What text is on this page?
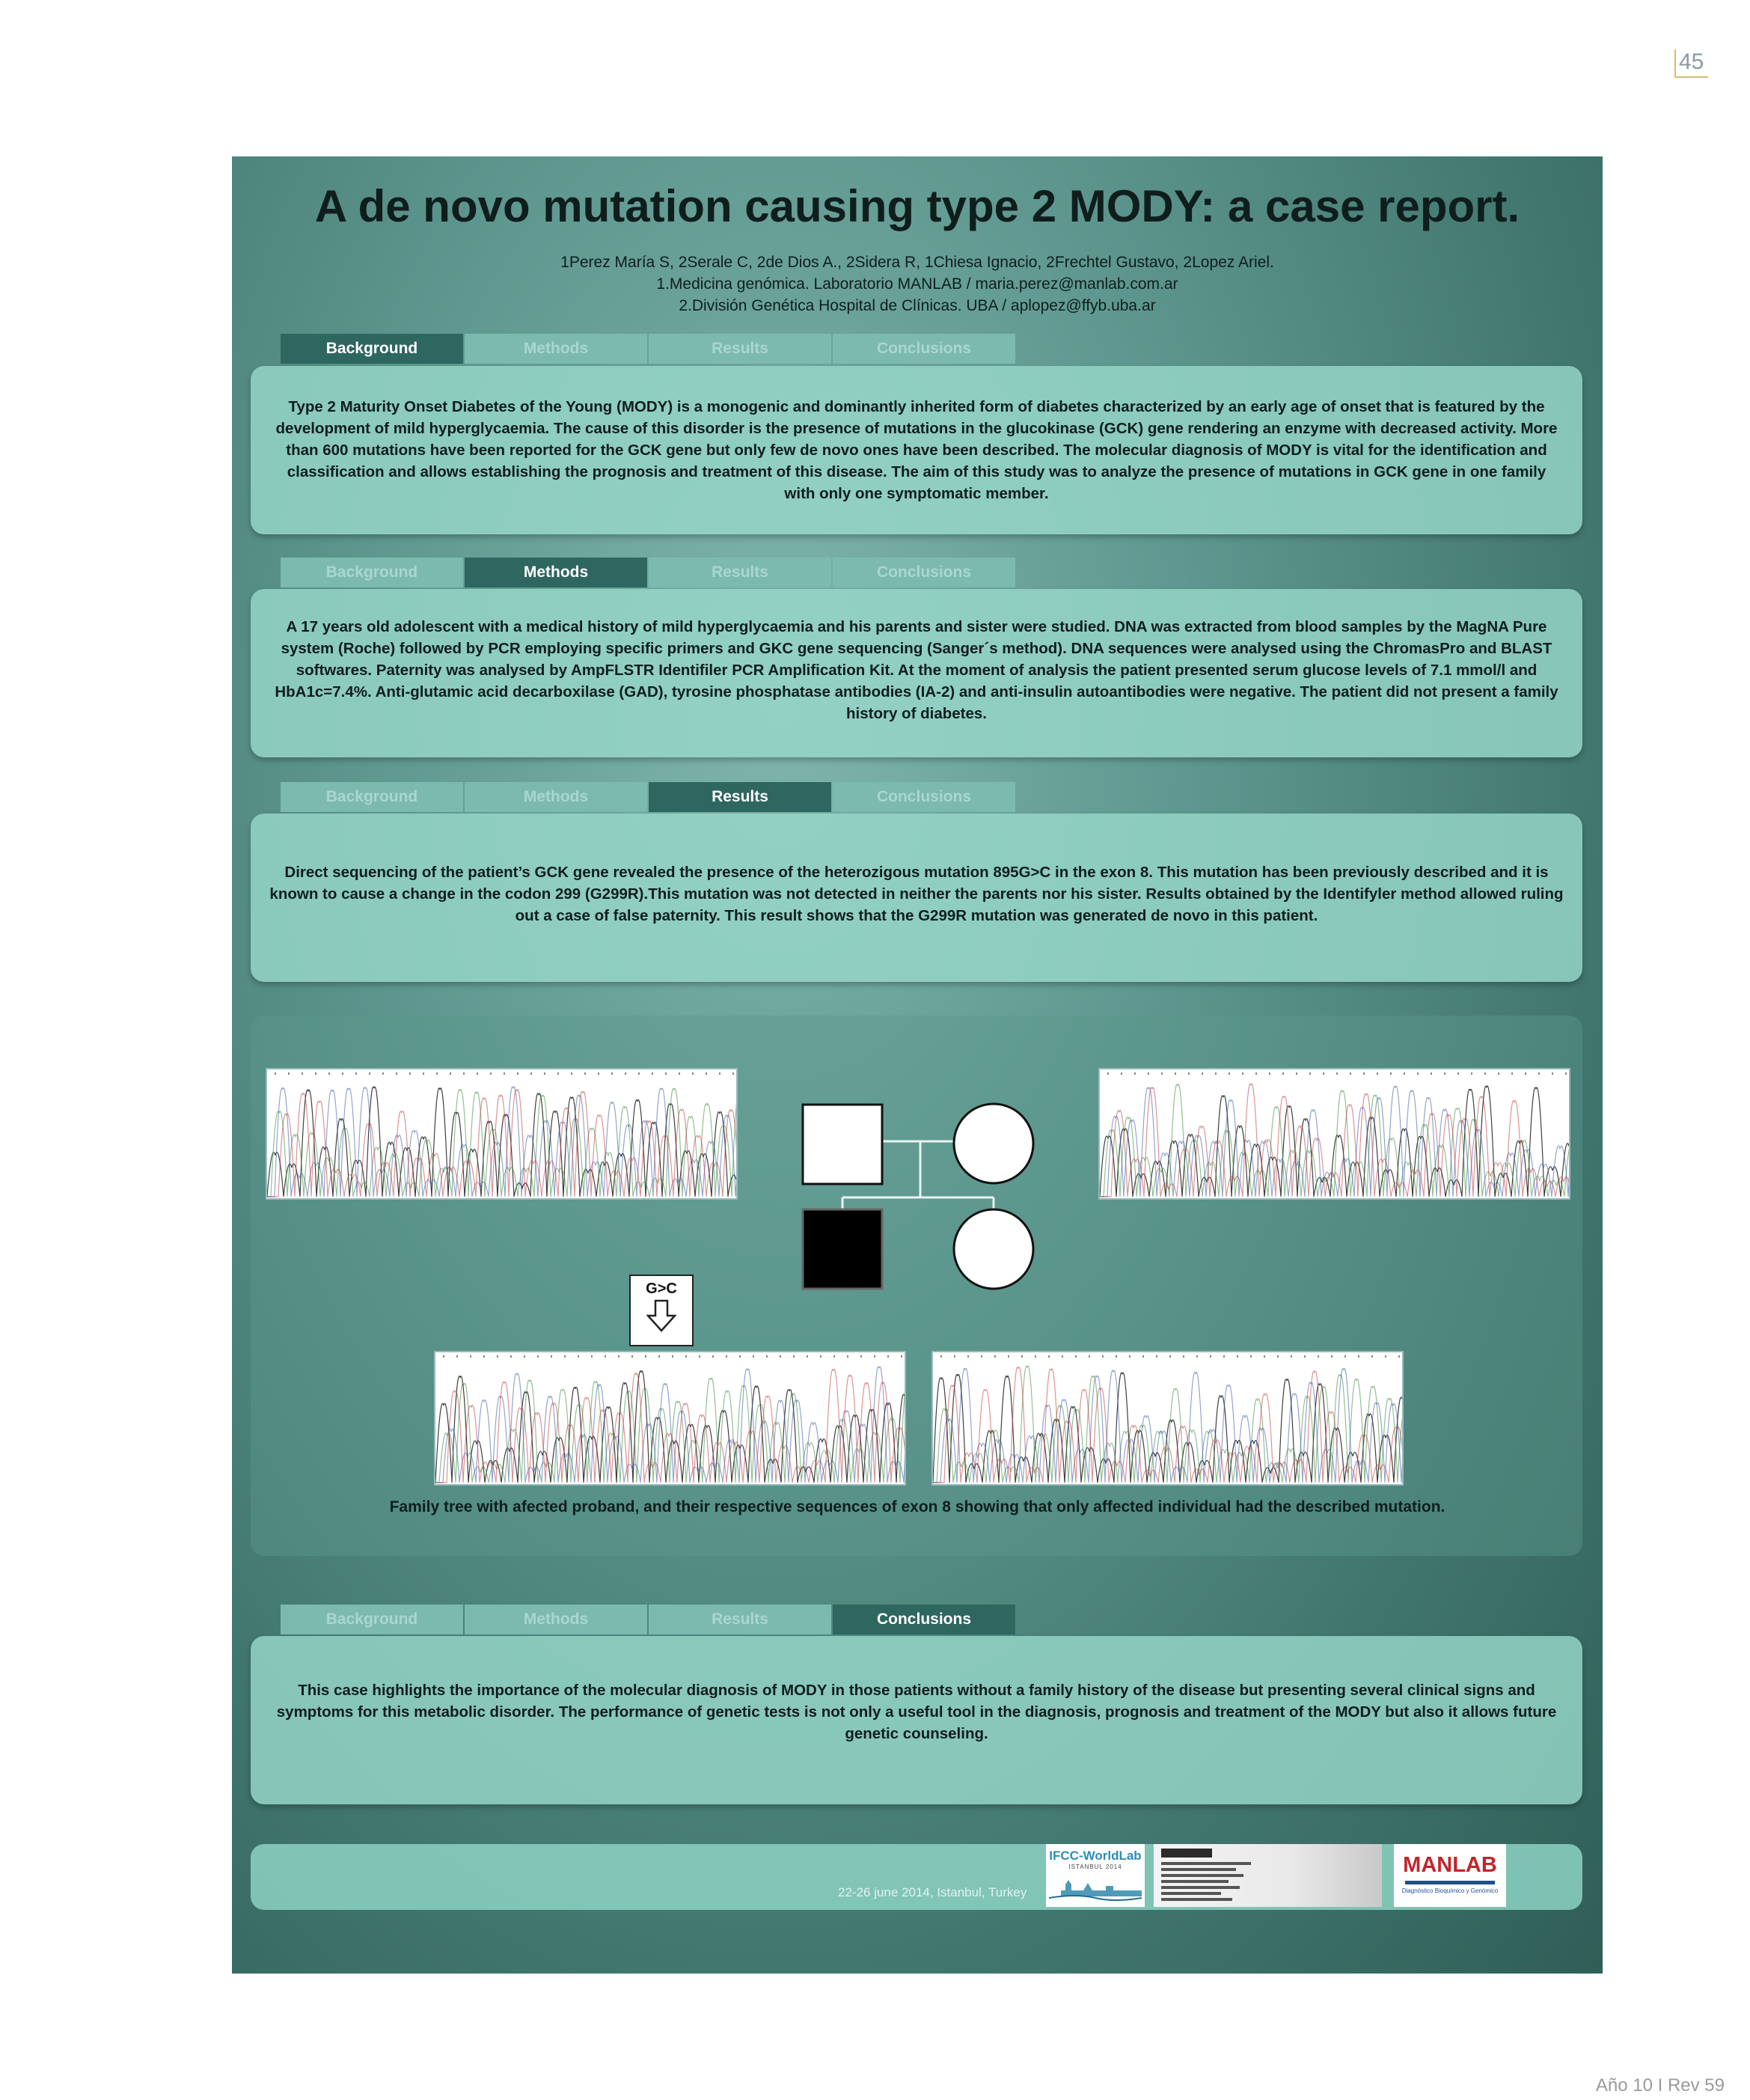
45
A de novo mutation causing type 2 MODY: a case report.
1Perez María S, 2Serale C, 2de Dios A., 2Sidera R, 1Chiesa Ignacio, 2Frechtel Gustavo, 2Lopez Ariel.
1.Medicina genómica. Laboratorio MANLAB / maria.perez@manlab.com.ar
2.División Genética Hospital de Clínicas. UBA / aplopez@ffyb.uba.ar
Background	Methods	Results	Conclusions
Type 2 Maturity Onset Diabetes of the Young (MODY) is a monogenic and dominantly inherited form of diabetes characterized by an early age of onset that is featured by the development of mild hyperglycaemia. The cause of this disorder is the presence of mutations in the glucokinase (GCK) gene rendering an enzyme with decreased activity. More than 600 mutations have been reported for the GCK gene but only few de novo ones have been described. The molecular diagnosis of MODY is vital for the identification and classification and allows establishing the prognosis and treatment of this disease. The aim of this study was to analyze the presence of mutations in GCK gene in one family with only one symptomatic member.
Background	Methods	Results	Conclusions
A 17 years old adolescent with a medical history of mild hyperglycaemia and his parents and sister were studied. DNA was extracted from blood samples by the MagNA Pure system (Roche) followed by PCR employing specific primers and GKC gene sequencing (Sanger´s method). DNA sequences were analysed using the ChromasPro and BLAST softwares. Paternity was analysed by AmpFLSTR Identifiler PCR Amplification Kit. At the moment of analysis the patient presented serum glucose levels of 7.1 mmol/l and HbA1c=7.4%. Anti-glutamic acid decarboxilase (GAD), tyrosine phosphatase antibodies (IA-2) and anti-insulin autoantibodies were negative. The patient did not present a family history of diabetes.
Background	Methods	Results	Conclusions
Direct sequencing of the patient’s GCK gene revealed the presence of the heterozigous mutation 895G>C in the exon 8. This mutation has been previously described and it is known to cause a change in the codon 299 (G299R).This mutation was not detected in neither the parents nor his sister. Results obtained by the Identifyler method allowed ruling out a case of false paternity. This result shows that the G299R mutation was generated de novo in this patient.
G>C
Family tree with afected proband, and their respective sequences of exon 8 showing that only affected individual had the described mutation.
Background	Methods	Results	Conclusions
This case highlights the importance of the molecular diagnosis of MODY in those patients without a family history of the disease but presenting several clinical signs and symptoms for this metabolic disorder. The performance of genetic tests is not only a useful tool in the diagnosis, prognosis and treatment of the MODY but also it allows future genetic counseling.
22-26 june 2014, Istanbul, Turkey
IFCC-WorldLab
ISTANBUL 2014	MANLAB
Diagnóstico Bioquímico y Genómico
Año 10 I Rev 59
